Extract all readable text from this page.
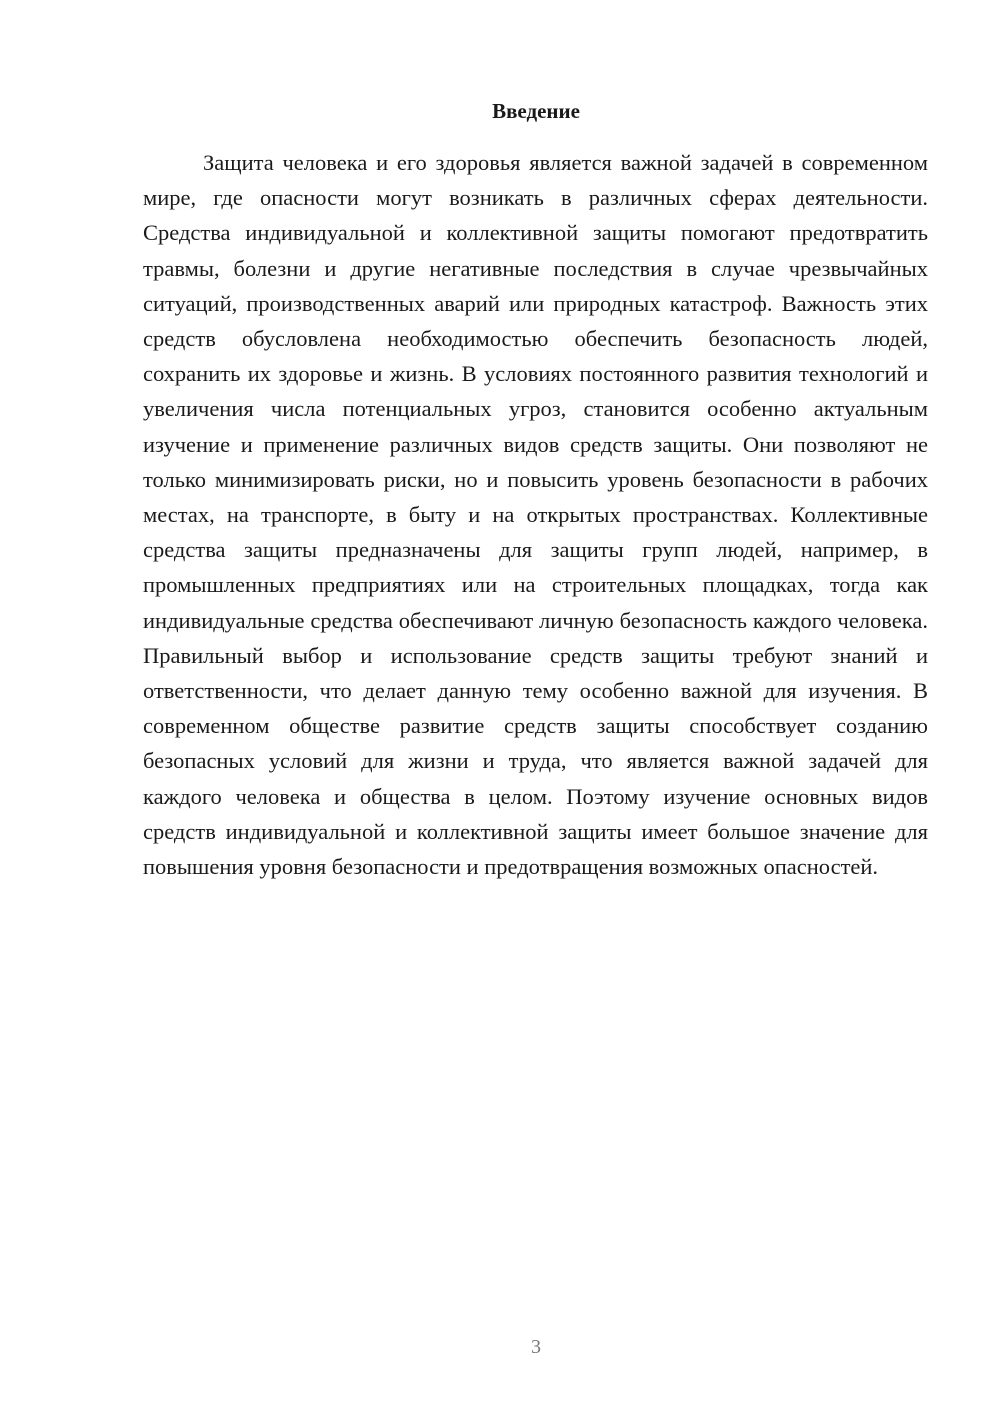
Введение

Защита человека и его здоровья является важной задачей в современном мире, где опасности могут возникать в различных сферах деятельности. Средства индивидуальной и коллективной защиты помогают предотвратить травмы, болезни и другие негативные последствия в случае чрезвычайных ситуаций, производственных аварий или природных катастроф. Важность этих средств обусловлена необходимостью обеспечить безопасность людей, сохранить их здоровье и жизнь. В условиях постоянного развития технологий и увеличения числа потенциальных угроз, становится особенно актуальным изучение и применение различных видов средств защиты. Они позволяют не только минимизировать риски, но и повысить уровень безопасности в рабочих местах, на транспорте, в быту и на открытых пространствах. Коллективные средства защиты предназначены для защиты групп людей, например, в промышленных предприятиях или на строительных площадках, тогда как индивидуальные средства обеспечивают личную безопасность каждого человека. Правильный выбор и использование средств защиты требуют знаний и ответственности, что делает данную тему особенно важной для изучения. В современном обществе развитие средств защиты способствует созданию безопасных условий для жизни и труда, что является важной задачей для каждого человека и общества в целом. Поэтому изучение основных видов средств индивидуальной и коллективной защиты имеет большое значение для повышения уровня безопасности и предотвращения возможных опасностей.

3
